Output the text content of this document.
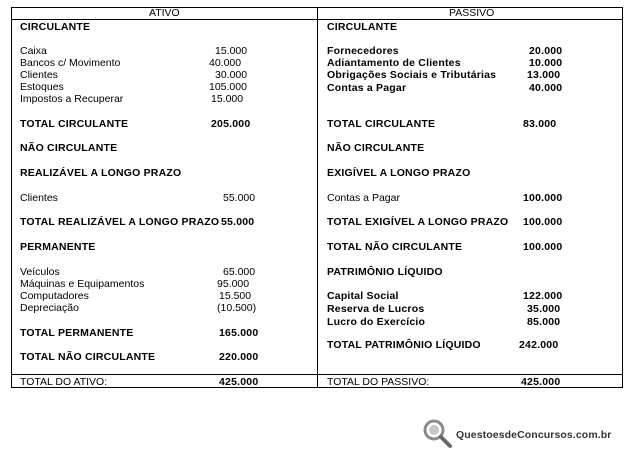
ATIVO
CIRCULANTE
Caixa	15.000
Bancos c/ Movimento	40.000
Clientes	30.000
Estoques	105.000
Impostos a Recuperar	15.000
TOTAL CIRCULANTE	205.000
NÃO CIRCULANTE
REALIZÁVEL A LONGO PRAZO
Clientes	55.000
TOTAL REALIZÁVEL A LONGO PRAZO 55.000
PERMANENTE
Veículos	65.000
Máquinas e Equipamentos	95.000
Computadores	15.500
Depreciação	(10.500)
TOTAL PERMANENTE	165.000
TOTAL NÃO CIRCULANTE	220.000
TOTAL DO ATIVO:	425.000
PASSIVO
CIRCULANTE
Fornecedores	20.000
Adiantamento de Clientes	10.000
Obrigações Sociais e Tributárias	13.000
Contas a Pagar	40.000
TOTAL CIRCULANTE	83.000
NÃO CIRCULANTE
EXIGÍVEL A LONGO PRAZO
Contas a Pagar	100.000
TOTAL EXIGÍVEL A LONGO PRAZO 100.000
TOTAL NÃO CIRCULANTE	100.000
PATRIMÔNIO LÍQUIDO
Capital Social	122.000
Reserva de Lucros	35.000
Lucro do Exercício	85.000
TOTAL PATRIMÔNIO LÍQUIDO	242.000
TOTAL DO PASSIVO:	425.000
QuestoesdeConcursos.com.br
